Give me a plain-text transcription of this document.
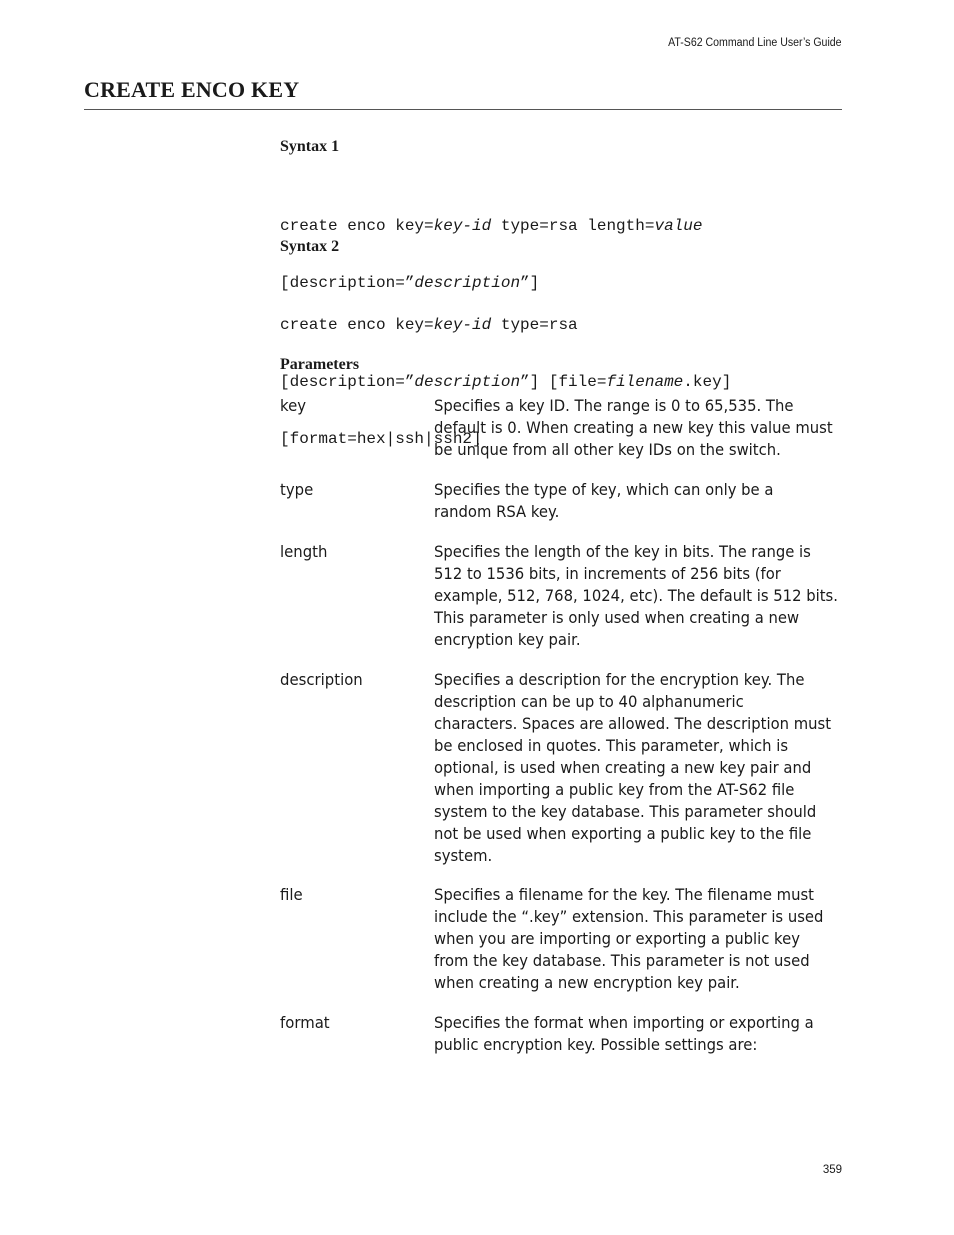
AT-S62 Command Line User’s Guide
CREATE ENCO KEY
Syntax 1

create enco key=key-id type=rsa length=value

[description=”description”]

Syntax 2

create enco key=key-id type=rsa

[description=”description”] [file=filename.key]

[format=hex|ssh|ssh2]

Parameters
key	Specifies a key ID. The range is 0 to 65,535. The
default is 0. When creating a new key this value must
be unique from all other key IDs on the switch.
type	Specifies the type of key, which can only be a
random RSA key.
length	Specifies the length of the key in bits. The range is
512 to 1536 bits, in increments of 256 bits (for
example, 512, 768, 1024, etc). The default is 512 bits.
This parameter is only used when creating a new
encryption key pair.
description	Specifies a description for the encryption key. The
description can be up to 40 alphanumeric
characters. Spaces are allowed. The description must
be enclosed in quotes. This parameter, which is
optional, is used when creating a new key pair and
when importing a public key from the AT-S62 file
system to the key database. This parameter should
not be used when exporting a public key to the file
system.
file	Specifies a filename for the key. The filename must
include the “.key” extension. This parameter is used
when you are importing or exporting a public key
from the key database. This parameter is not used
when creating a new encryption key pair.
format	Specifies the format when importing or exporting a
public encryption key. Possible settings are:
359
